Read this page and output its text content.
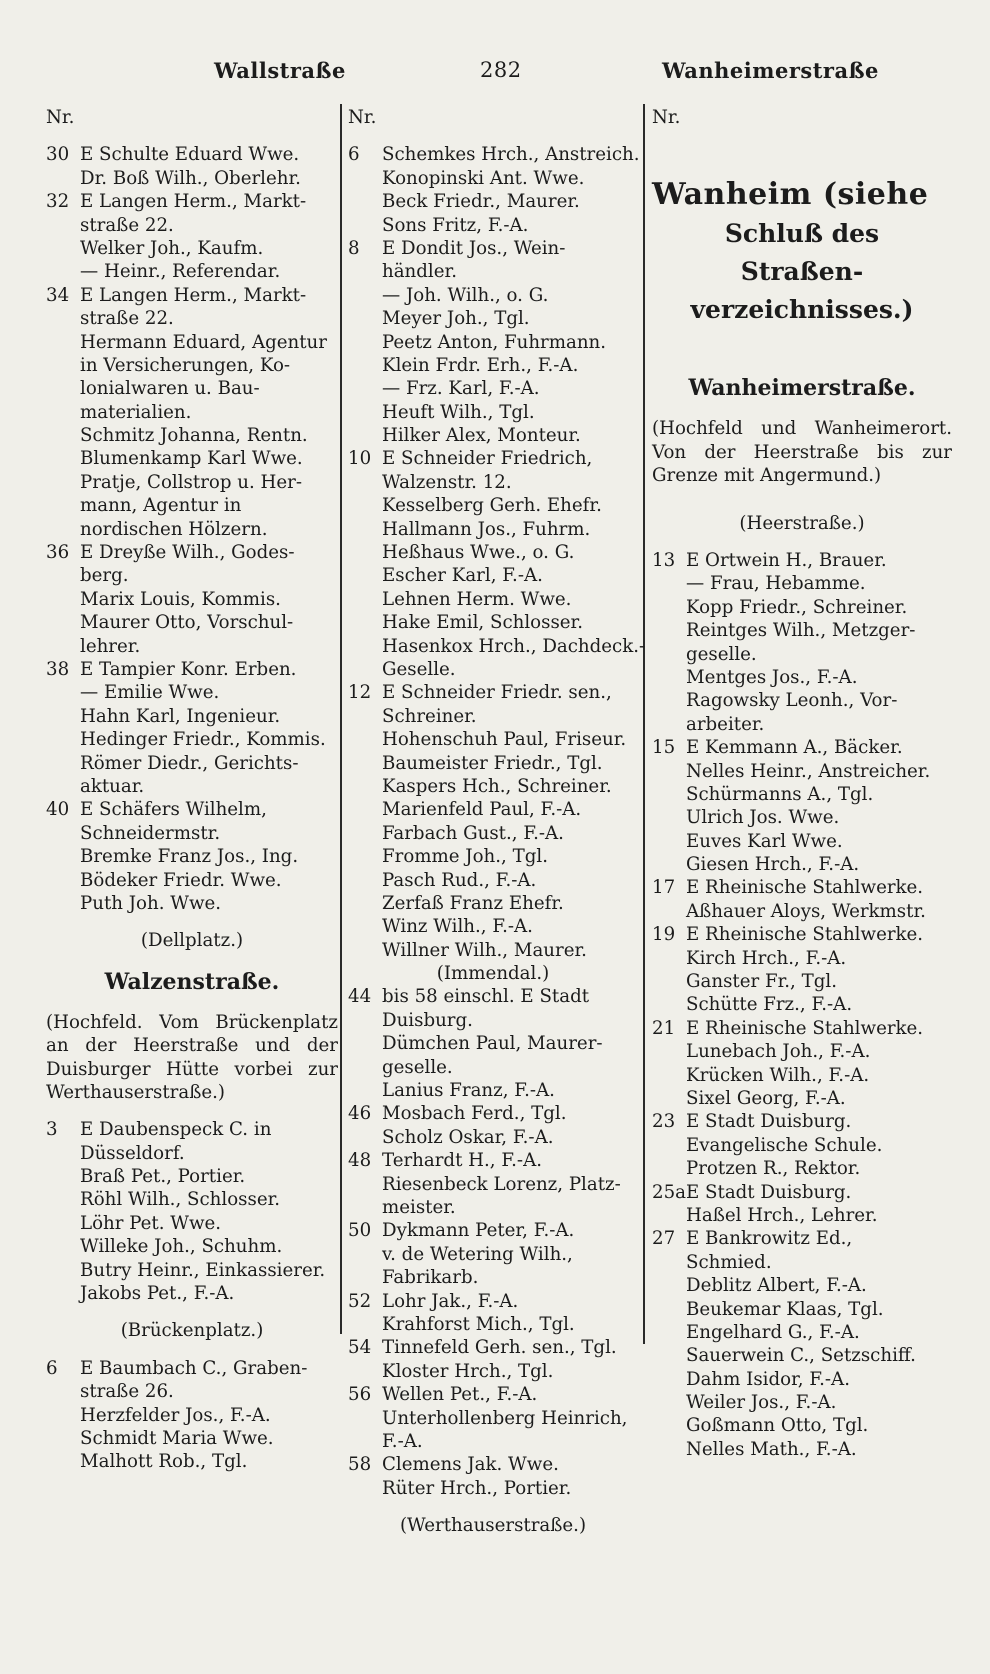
Wallstraße	282	Wanheimerstraße
Nr.
30 E Schulte Eduard Wwe.
Dr. Boß Wilh., Oberlehr.
32 E Langen Herm., Markt-
straße 22.
Welker Joh., Kaufm.
— Heinr., Referendar.
34 E Langen Herm., Markt-
straße 22.
Hermann Eduard, Agentur
in Versicherungen, Ko-
lonialwaren u. Bau-
materialien.
Schmitz Johanna, Rentn.
Blumenkamp Karl Wwe.
Pratje, Collstrop u. Her-
mann, Agentur in
nordischen Hölzern.
36 E Dreyße Wilh., Godes-
berg.
Marix Louis, Kommis.
Maurer Otto, Vorschul-
lehrer.
38 E Tampier Konr. Erben.
— Emilie Wwe.
Hahn Karl, Ingenieur.
Hedinger Friedr., Kommis.
Römer Diedr., Gerichts-
aktuar.
40 E Schäfers Wilhelm,
Schneidermstr.
Bremke Franz Jos., Ing.
Bödeker Friedr. Wwe.
Puth Joh. Wwe.
(Dellplatz.)
Walzenstraße.
(Hochfeld. Vom Brückenplatz an der Heerstraße und der Duisburger Hütte vorbei zur Werthauserstraße.)
3 E Daubenspeck C. in
Düsseldorf.
Braß Pet., Portier.
Röhl Wilh., Schlosser.
Löhr Pet. Wwe.
Willeke Joh., Schuhm.
Butry Heinr., Einkassierer.
Jakobs Pet., F.-A.
(Brückenplatz.)
6 E Baumbach C., Graben-
straße 26.
Herzfelder Jos., F.-A.
Schmidt Maria Wwe.
Malhott Rob., Tgl.
Nr.
6 Schemkes Hrch., Anstreich.
Konopinski Ant. Wwe.
Beck Friedr., Maurer.
Sons Fritz, F.-A.
8 E Dondit Jos., Wein-
händler.
— Joh. Wilh., o. G.
Meyer Joh., Tgl.
Peetz Anton, Fuhrmann.
Klein Frdr. Erh., F.-A.
— Frz. Karl, F.-A.
Heuft Wilh., Tgl.
Hilker Alex, Monteur.
10 E Schneider Friedrich,
Walzenstr. 12.
Kesselberg Gerh. Ehefr.
Hallmann Jos., Fuhrm.
Heßhaus Wwe., o. G.
Escher Karl, F.-A.
Lehnen Herm. Wwe.
Hake Emil, Schlosser.
Hasenkox Hrch., Dachdeck.-
Geselle.
12 E Schneider Friedr. sen.,
Schreiner.
Hohenschuh Paul, Friseur.
Baumeister Friedr., Tgl.
Kaspers Hch., Schreiner.
Marienfeld Paul, F.-A.
Farbach Gust., F.-A.
Fromme Joh., Tgl.
Pasch Rud., F.-A.
Zerfaß Franz Ehefr.
Winz Wilh., F.-A.
Willner Wilh., Maurer.
(Immendal.)
44 bis 58 einschl. E Stadt
Duisburg.
Dümchen Paul, Maurer-
geselle.
Lanius Franz, F.-A.
46 Mosbach Ferd., Tgl.
Scholz Oskar, F.-A.
48 Terhardt H., F.-A.
Riesenbeck Lorenz, Platz-
meister.
50 Dykmann Peter, F.-A.
v. de Wetering Wilh.,
Fabrikarb.
52 Lohr Jak., F.-A.
Krahforst Mich., Tgl.
54 Tinnefeld Gerh. sen., Tgl.
Kloster Hrch., Tgl.
56 Wellen Pet., F.-A.
Unterhollenberg Heinrich,
F.-A.
58 Clemens Jak. Wwe.
Rüter Hrch., Portier.
(Werthauserstraße.)
Nr.
Wanheim (siehe
Schluß des
Straßen-
verzeichnisses.)
Wanheimerstraße.
(Hochfeld und Wanheimerort. Von der Heerstraße bis zur Grenze mit Angermund.)
(Heerstraße.)
13 E Ortwein H., Brauer.
— Frau, Hebamme.
Kopp Friedr., Schreiner.
Reintges Wilh., Metzger-
geselle.
Mentges Jos., F.-A.
Ragowsky Leonh., Vor-
arbeiter.
15 E Kemmann A., Bäcker.
Nelles Heinr., Anstreicher.
Schürmanns A., Tgl.
Ulrich Jos. Wwe.
Euves Karl Wwe.
Giesen Hrch., F.-A.
17 E Rheinische Stahlwerke.
Aßhauer Aloys, Werkmstr.
19 E Rheinische Stahlwerke.
Kirch Hrch., F.-A.
Ganster Fr., Tgl.
Schütte Frz., F.-A.
21 E Rheinische Stahlwerke.
Lunebach Joh., F.-A.
Krücken Wilh., F.-A.
Sixel Georg, F.-A.
23 E Stadt Duisburg.
Evangelische Schule.
Protzen R., Rektor.
25aE Stadt Duisburg.
Haßel Hrch., Lehrer.
27 E Bankrowitz Ed.,
Schmied.
Deblitz Albert, F.-A.
Beukemar Klaas, Tgl.
Engelhard G., F.-A.
Sauerwein C., Setzschiff.
Dahm Isidor, F.-A.
Weiler Jos., F.-A.
Goßmann Otto, Tgl.
Nelles Math., F.-A.
